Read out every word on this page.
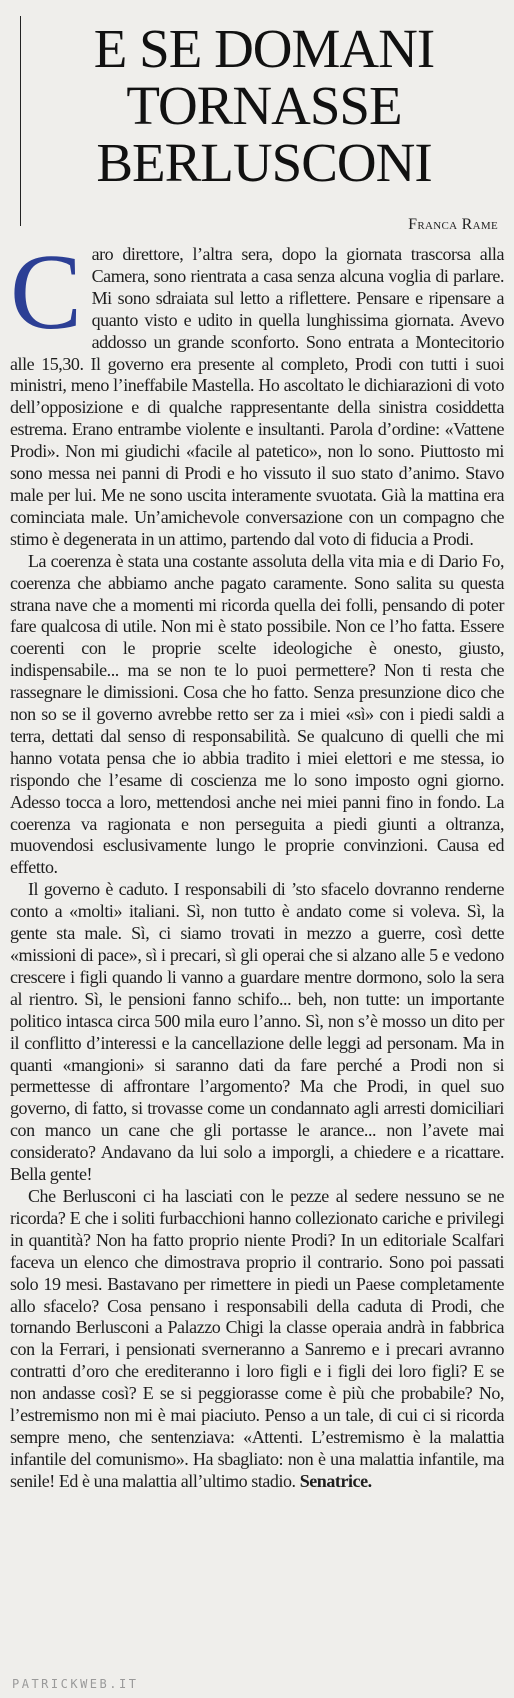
E SE DOMANI
TORNASSE
BERLUSCONI

Franca Rame

Caro direttore, l’altra sera, dopo la giornata trascorsa alla Camera, sono rientrata a casa senza alcuna voglia di parlare. Mi sono sdraiata sul letto a riflettere. Pensare e ripensare a quanto visto e udito in quella lunghissima giornata. Avevo addosso un grande sconforto. Sono entrata a Montecitorio alle 15,30. Il governo era presente al completo, Prodi con tutti i suoi ministri, meno l’ineffabile Mastella. Ho ascoltato le dichiarazioni di voto dell’opposizione e di qualche rappresentante della sinistra cosiddetta estrema. Erano entrambe violente e insultanti. Parola d’ordine: «Vattene Prodi». Non mi giudichi «facile al patetico», non lo sono. Piuttosto mi sono messa nei panni di Prodi e ho vissuto il suo stato d’animo. Stavo male per lui. Me ne sono uscita interamente svuotata. Già la mattina era cominciata male. Un’amichevole conversazione con un compagno che stimo è degenerata in un attimo, partendo dal voto di fiducia a Prodi.

La coerenza è stata una costante assoluta della vita mia e di Dario Fo, coerenza che abbiamo anche pagato caramente. Sono salita su questa strana nave che a momenti mi ricorda quella dei folli, pensando di poter fare qualcosa di utile. Non mi è stato possibile. Non ce l’ho fatta. Essere coerenti con le proprie scelte ideologiche è onesto, giusto, indispensabile... ma se non te lo puoi permettere? Non ti resta che rassegnare le dimissioni. Cosa che ho fatto. Senza presunzione dico che non so se il governo avrebbe retto ser za i miei «sì» con i piedi saldi a terra, dettati dal senso di responsabilità. Se qualcuno di quelli che mi hanno votata pensa che io abbia tradito i miei elettori e me stessa, io rispondo che l’esame di coscienza me lo sono imposto ogni giorno. Adesso tocca a loro, mettendosi anche nei miei panni fino in fondo. La coerenza va ragionata e non perseguita a piedi giunti a oltranza, muovendosi esclusivamente lungo le proprie convinzioni. Causa ed effetto.

Il governo è caduto. I responsabili di ’sto sfacelo dovranno renderne conto a «molti» italiani. Sì, non tutto è andato come si voleva. Sì, la gente sta male. Sì, ci siamo trovati in mezzo a guerre, così dette «missioni di pace», sì i precari, sì gli operai che si alzano alle 5 e vedono crescere i figli quando li vanno a guardare mentre dormono, solo la sera al rientro. Sì, le pensioni fanno schifo... beh, non tutte: un importante politico intasca circa 500 mila euro l’anno. Sì, non s’è mosso un dito per il conflitto d’interessi e la cancellazione delle leggi ad personam. Ma in quanti «mangioni» si saranno dati da fare perché a Prodi non si permettesse di affrontare l’argomento? Ma che Prodi, in quel suo governo, di fatto, si trovasse come un condannato agli arresti domiciliari con manco un cane che gli portasse le arance... non l’avete mai considerato? Andavano da lui solo a imporgli, a chiedere e a ricattare. Bella gente!

Che Berlusconi ci ha lasciati con le pezze al sedere nessuno se ne ricorda? E che i soliti furbacchioni hanno collezionato cariche e privilegi in quantità? Non ha fatto proprio niente Prodi? In un editoriale Scalfari faceva un elenco che dimostrava proprio il contrario. Sono poi passati solo 19 mesi. Bastavano per rimettere in piedi un Paese completamente allo sfacelo? Cosa pensano i responsabili della caduta di Prodi, che tornando Berlusconi a Palazzo Chigi la classe operaia andrà in fabbrica con la Ferrari, i pensionati sverneranno a Sanremo e i precari avranno contratti d’oro che erediteranno i loro figli e i figli dei loro figli? E se non andasse così? E se si peggiorasse come è più che probabile? No, l’estremismo non mi è mai piaciuto. Penso a un tale, di cui ci si ricorda sempre meno, che sentenziava: «Attenti. L’estremismo è la malattia infantile del comunismo». Ha sbagliato: non è una malattia infantile, ma senile! Ed è una malattia all’ultimo stadio. Senatrice.

PATRICKWEB.IT
